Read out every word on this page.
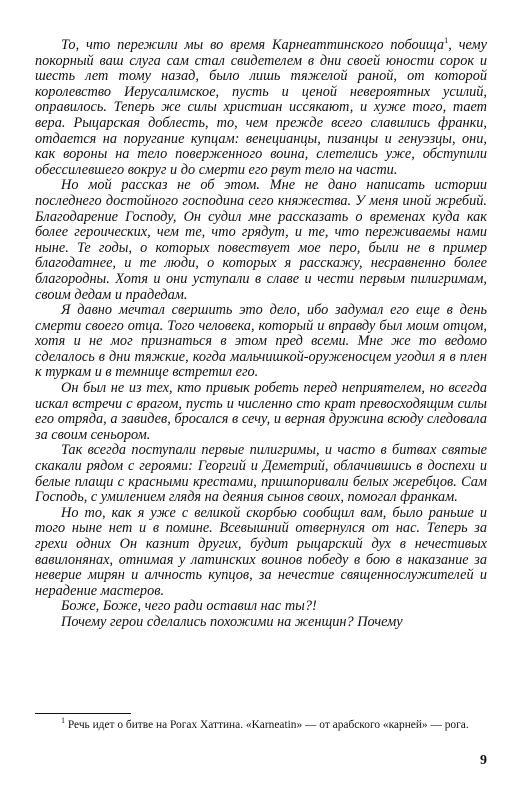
То, что пережили мы во время Карнеаттинского побоища$^1$, чему покорный ваш слуга сам стал свидетелем в дни своей юности сорок и шесть лет тому назад, было лишь тяжелой раной, от которой королевство Иерусалимское, пусть и ценой невероятных усилий, оправилось. Теперь же силы христиан иссякают, и хуже того, тает вера. Рыцарская доблесть, то, чем прежде всего славились франки, отдается на поругание купцам: венецианцы, пизанцы и генуэзцы, они, как вороны на тело поверженного воина, слетелись уже, обступили обессилевшего вокруг и до смерти его рвут тело на части.

Но мой рассказ не об этом. Мне не дано написать истории последнего достойного господина сего княжества. У меня иной жребий. Благодарение Господу, Он судил мне рассказать о временах куда как более героических, чем те, что грядут, и те, что переживаемы нами ныне. Те годы, о которых повествует мое перо, были не в пример благодатнее, и те люди, о которых я расскажу, несравненно более благородны. Хотя и они уступали в славе и чести первым пилигримам, своим дедам и прадедам.

Я давно мечтал свершить это дело, ибо задумал его еще в день смерти своего отца. Того человека, который и вправду был моим отцом, хотя и не мог признаться в этом пред всеми. Мне же то ведомо сделалось в дни тяжкие, когда мальчишкой-оруженосцем угодил я в плен к туркам и в темнице встретил его.

Он был не из тех, кто привык робеть перед неприятелем, но всегда искал встречи с врагом, пусть и численно сто крат превосходящим силы его отряда, а завидев, бросался в сечу, и верная дружина всюду следовала за своим сеньором.

Так всегда поступали первые пилигримы, и часто в битвах святые скакали рядом с героями: Георгий и Деметрий, облачившись в доспехи и белые плащи с красными крестами, пришпоривали белых жеребцов. Сам Господь, с умилением глядя на деяния сынов своих, помогал франкам.

Но то, как я уже с великой скорбью сообщил вам, было раньше и того ныне нет и в помине. Всевышний отвернулся от нас. Теперь за грехи одних Он казнит других, будит рыцарский дух в нечестивых вавилонянах, отнимая у латинских воинов победу в бою в наказание за неверие мирян и алчность купцов, за нечестие священнослужителей и нерадение мастеров.

Боже, Боже, чего ради оставил нас ты?!

Почему герои сделались похожими на женщин? Почему

$^1$ Речь идет о битве на Рогах Хаттина. «Karneatin» — от арабского «карней» — рога.
9
